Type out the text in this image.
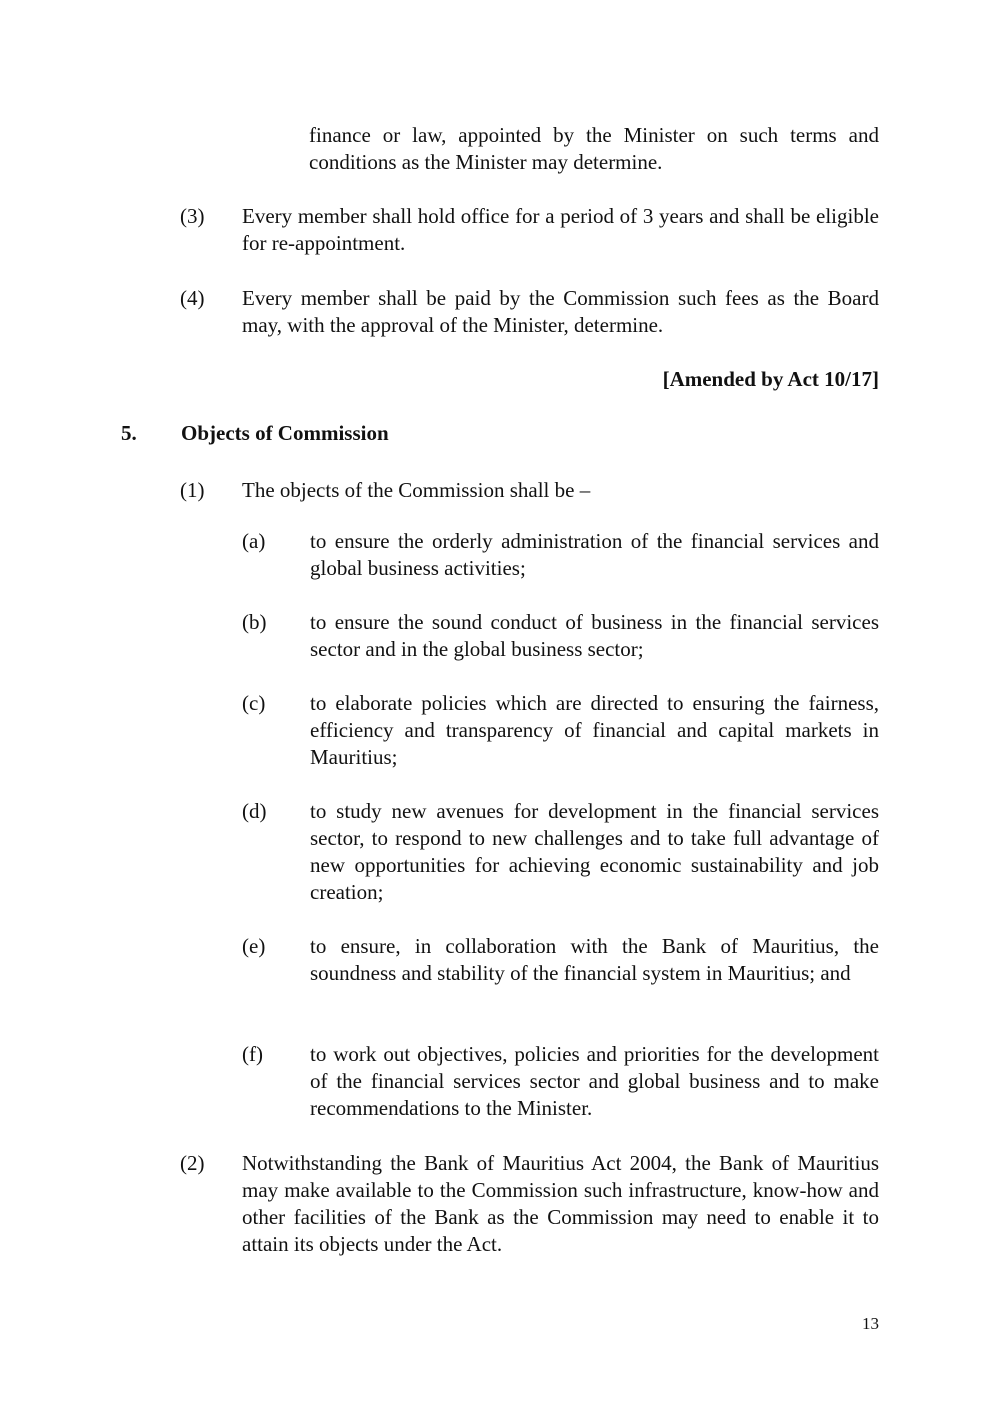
finance or law, appointed by the Minister on such terms and conditions as the Minister may determine.
(3) Every member shall hold office for a period of 3 years and shall be eligible for re-appointment.
(4) Every member shall be paid by the Commission such fees as the Board may, with the approval of the Minister, determine.
[Amended by Act 10/17]
5. Objects of Commission
(1) The objects of the Commission shall be –
(a) to ensure the orderly administration of the financial services and global business activities;
(b) to ensure the sound conduct of business in the financial services sector and in the global business sector;
(c) to elaborate policies which are directed to ensuring the fairness, efficiency and transparency of financial and capital markets in Mauritius;
(d) to study new avenues for development in the financial services sector, to respond to new challenges and to take full advantage of new opportunities for achieving economic sustainability and job creation;
(e) to ensure, in collaboration with the Bank of Mauritius, the soundness and stability of the financial system in Mauritius; and
(f) to work out objectives, policies and priorities for the development of the financial services sector and global business and to make recommendations to the Minister.
(2) Notwithstanding the Bank of Mauritius Act 2004, the Bank of Mauritius may make available to the Commission such infrastructure, know-how and other facilities of the Bank as the Commission may need to enable it to attain its objects under the Act.
13
